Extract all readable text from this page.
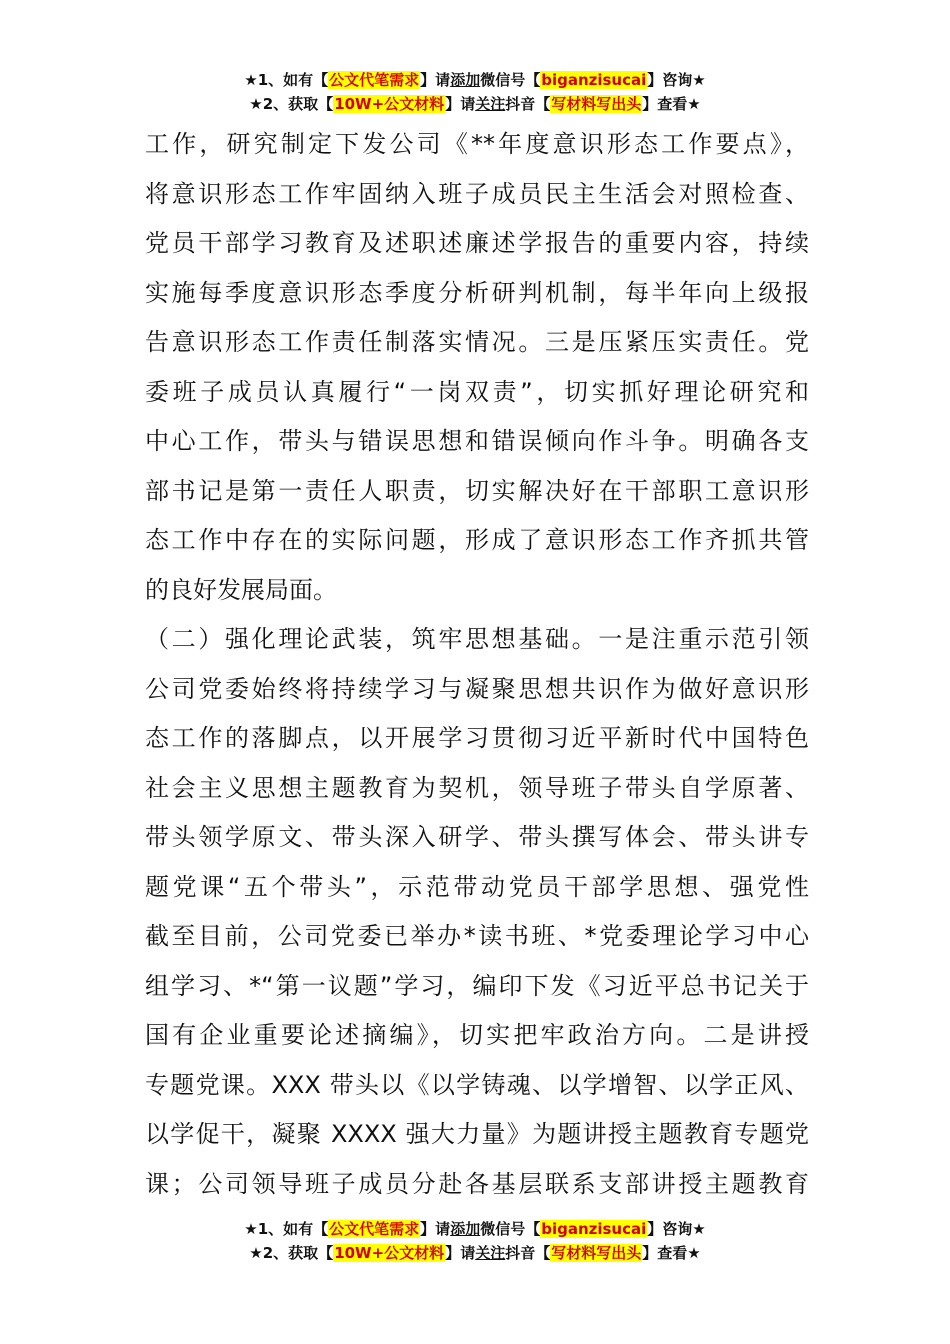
★1、如有【公文代笔需求】请添加微信号【biganzisucai】咨询★
★2、获取【10W+公文材料】请关注抖音【写材料写出头】查看★
工作，研究制定下发公司《**年度意识形态工作要点》，
将意识形态工作牢固纳入班子成员民主生活会对照检查、
党员干部学习教育及述职述廉述学报告的重要内容，持续
实施每季度意识形态季度分析研判机制，每半年向上级报
告意识形态工作责任制落实情况。三是压紧压实责任。党
委班子成员认真履行“一岗双责”，切实抓好理论研究和
中心工作，带头与错误思想和错误倾向作斗争。明确各支
部书记是第一责任人职责，切实解决好在干部职工意识形
态工作中存在的实际问题，形成了意识形态工作齐抓共管
的良好发展局面。
（二）强化理论武装，筑牢思想基础。一是注重示范引领
公司党委始终将持续学习与凝聚思想共识作为做好意识形
态工作的落脚点，以开展学习贯彻习近平新时代中国特色
社会主义思想主题教育为契机，领导班子带头自学原著、
带头领学原文、带头深入研学、带头撰写体会、带头讲专
题党课“五个带头”，示范带动党员干部学思想、强党性
截至目前，公司党委已举办*读书班、*党委理论学习中心
组学习、*“第一议题”学习，编印下发《习近平总书记关于
国有企业重要论述摘编》，切实把牢政治方向。二是讲授
专题党课。XXX 带头以《以学铸魂、以学增智、以学正风、
以学促干，凝聚 XXXX 强大力量》为题讲授主题教育专题党
课；公司领导班子成员分赴各基层联系支部讲授主题教育
★1、如有【公文代笔需求】请添加微信号【biganzisucai】咨询★
★2、获取【10W+公文材料】请关注抖音【写材料写出头】查看★
